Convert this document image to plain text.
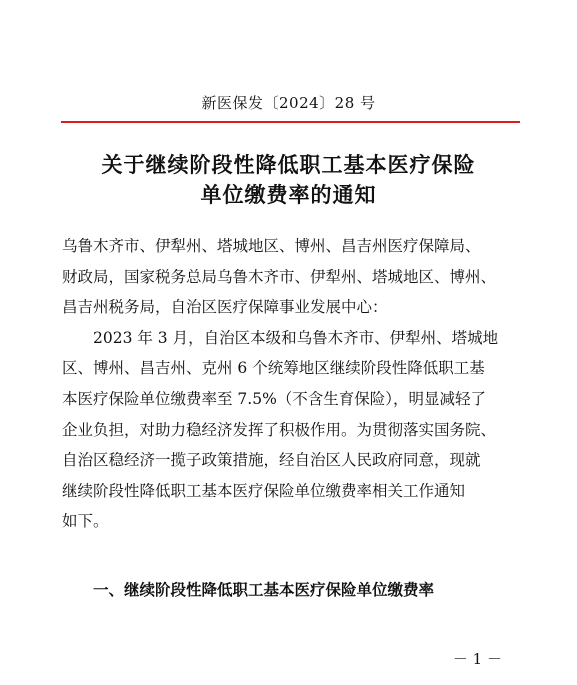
新医保发〔2024〕28 号
关于继续阶段性降低职工基本医疗保险
单位缴费率的通知
乌鲁木齐市、伊犁州、塔城地区、博州、昌吉州医疗保障局、
财政局，国家税务总局乌鲁木齐市、伊犁州、塔城地区、博州、
昌吉州税务局，自治区医疗保障事业发展中心：
2023 年 3 月，自治区本级和乌鲁木齐市、伊犁州、塔城地
区、博州、昌吉州、克州 6 个统筹地区继续阶段性降低职工基
本医疗保险单位缴费率至 7.5%（不含生育保险），明显减轻了
企业负担，对助力稳经济发挥了积极作用。为贯彻落实国务院、
自治区稳经济一揽子政策措施，经自治区人民政府同意，现就
继续阶段性降低职工基本医疗保险单位缴费率相关工作通知
如下。
一、继续阶段性降低职工基本医疗保险单位缴费率
－ 1 －
